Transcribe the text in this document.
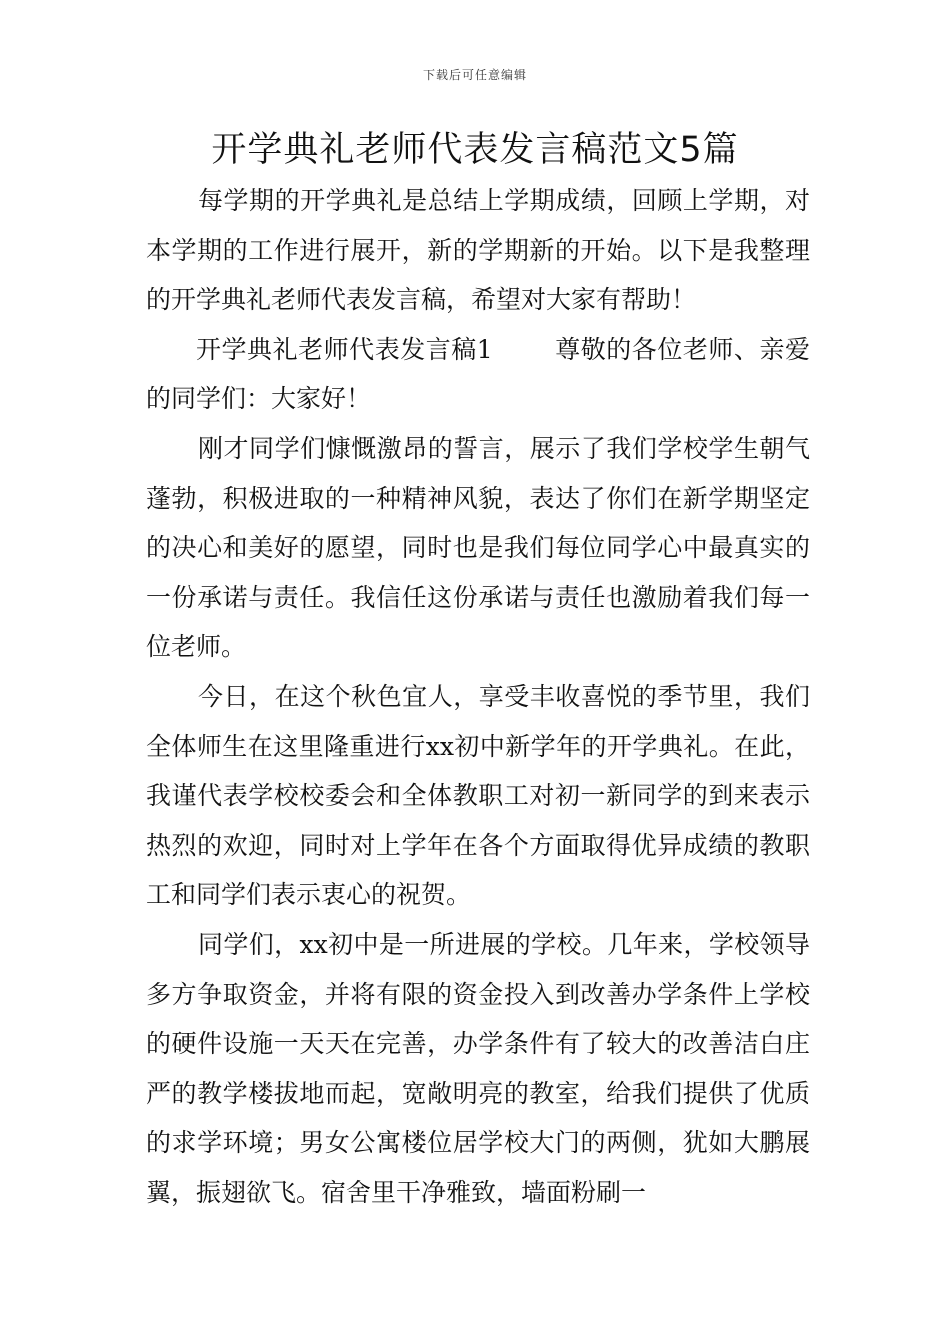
下载后可任意编辑
开学典礼老师代表发言稿范文5篇

每学期的开学典礼是总结上学期成绩，回顾上学期，对本学期的工作进行展开，新的学期新的开始。以下是我整理的开学典礼老师代表发言稿，希望对大家有帮助！

开学典礼老师代表发言稿1 尊敬的各位老师、亲爱的同学们：大家好！

刚才同学们慷慨激昂的誓言，展示了我们学校学生朝气蓬勃，积极进取的一种精神风貌，表达了你们在新学期坚定的决心和美好的愿望，同时也是我们每位同学心中最真实的一份承诺与责任。我信任这份承诺与责任也激励着我们每一位老师。

今日，在这个秋色宜人，享受丰收喜悦的季节里，我们全体师生在这里隆重进行xx初中新学年的开学典礼。在此，我谨代表学校校委会和全体教职工对初一新同学的到来表示热烈的欢迎，同时对上学年在各个方面取得优异成绩的教职工和同学们表示衷心的祝贺。

同学们，xx初中是一所进展的学校。几年来，学校领导多方争取资金，并将有限的资金投入到改善办学条件上学校的硬件设施一天天在完善，办学条件有了较大的改善洁白庄严的教学楼拔地而起，宽敞明亮的教室，给我们提供了优质的求学环境；男女公寓楼位居学校大门的两侧，犹如大鹏展翼，振翅欲飞。宿舍里干净雅致，墙面粉刷一
